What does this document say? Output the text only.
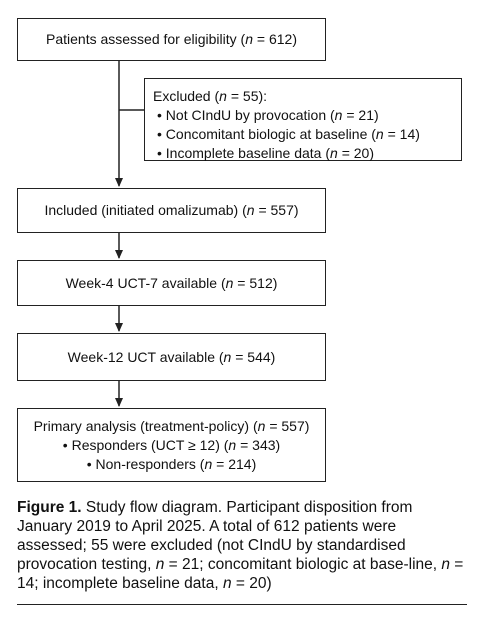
Patients assessed for eligibility (n = 612)
Excluded (n = 55):
• Not CIndU by provocation (n = 21)
• Concomitant biologic at baseline (n = 14)
• Incomplete baseline data (n = 20)
Included (initiated omalizumab) (n = 557)
Week-4 UCT-7 available (n = 512)
Week-12 UCT available (n = 544)
Primary analysis (treatment-policy) (n = 557)
• Responders (UCT ≥ 12) (n = 343)
• Non-responders (n = 214)
Figure 1. Study flow diagram. Participant disposition from January 2019 to April 2025. A total of 612 patients were assessed; 55 were excluded (not CIndU by standardised provocation testing, n = 21; concomitant biologic at base-line, n = 14; incomplete baseline data, n = 20)
